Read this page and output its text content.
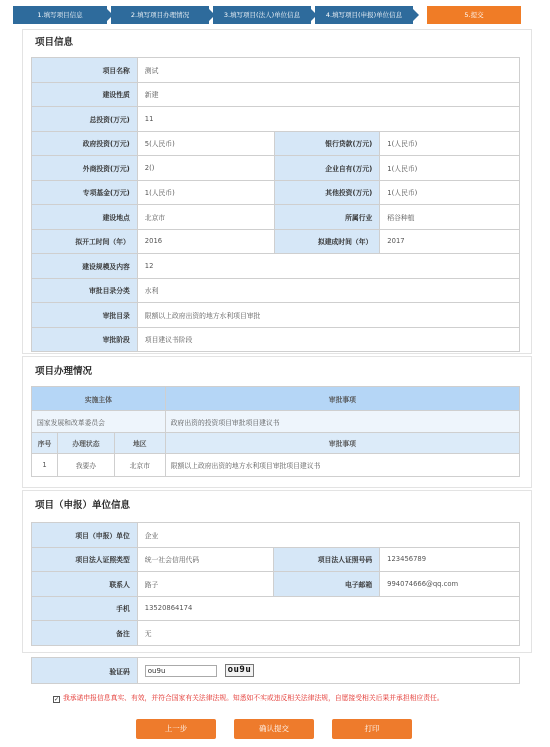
1.填写项目信息	2.填写项目办理情况	3.填写项目(法人)单位信息	4.填写项目(申报)单位信息	5.提交
项目信息
项目名称	测试		
建设性质	新建		
总投资(万元)	11		
政府投资(万元)	5(人民币)	银行贷款(万元)	1(人民币)
外商投资(万元)	2()	企业自有(万元)	1(人民币)
专项基金(万元)	1(人民币)	其他投资(万元)	1(人民币)
建设地点	北京市	所属行业	稻谷种植
拟开工时间（年）	2016	拟建成时间（年）	2017
建设规模及内容	12		
审批目录分类	水利		
审批目录	限额以上政府出资的地方水利项目审批		
审批阶段	项目建议书阶段		
项目办理情况
实施主体			审批事项
国家发展和改革委员会			政府出资的投资项目审批项目建议书
序号	办理状态	地区	审批事项
1	我要办	北京市	限额以上政府出资的地方水利项目审批项目建议书
项目（申报）单位信息
项目（申报）单位	企业		
项目法人证照类型	统一社会信用代码	项目法人证照号码	123456789
联系人	路子	电子邮箱	994074666@qq.com
手机	13520864174		
备注	无		
验证码	ou9uou9u
✓ 我承诺申报信息真实、有效，并符合国家有关法律法规。知悉如不实或违反相关法律法规，自愿接受相关后果并承担相应责任。
上一步	确认提交	打印
